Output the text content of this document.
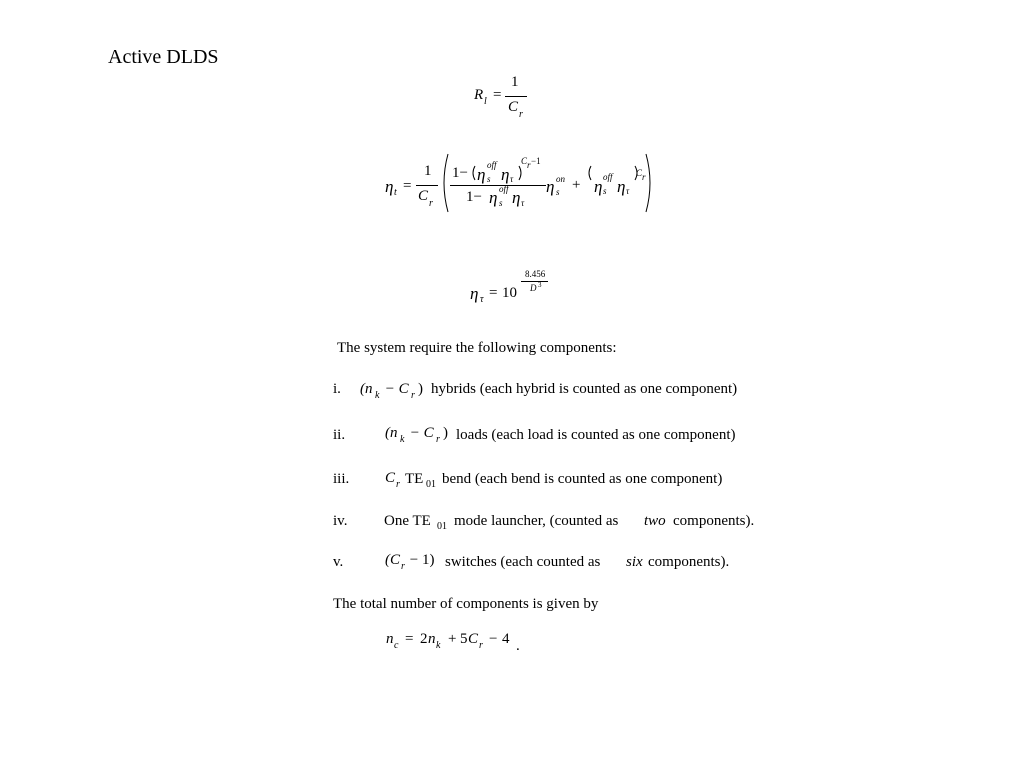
Active DLDS
R l =
1
C r
η t =
1
C r
1− η off
s η τ
C r −1
1− η off
s η τ
η on
s + η off
s η τ
C r
η τ = 10
8.456
D 3
The system require the following components:
i. (n k − C r ) hybrids (each hybrid is counted as one component)
ii.	(n k − C r ) loads (each load is counted as one component)
iii. C r TE 01 bend (each bend is counted as one component)
iv. One TE 01 mode launcher, (counted as two components).
v.	(C r − 1) switches (each counted as six components).
The total number of components is given by
n c = 2 n k + 5 C r − 4 .
